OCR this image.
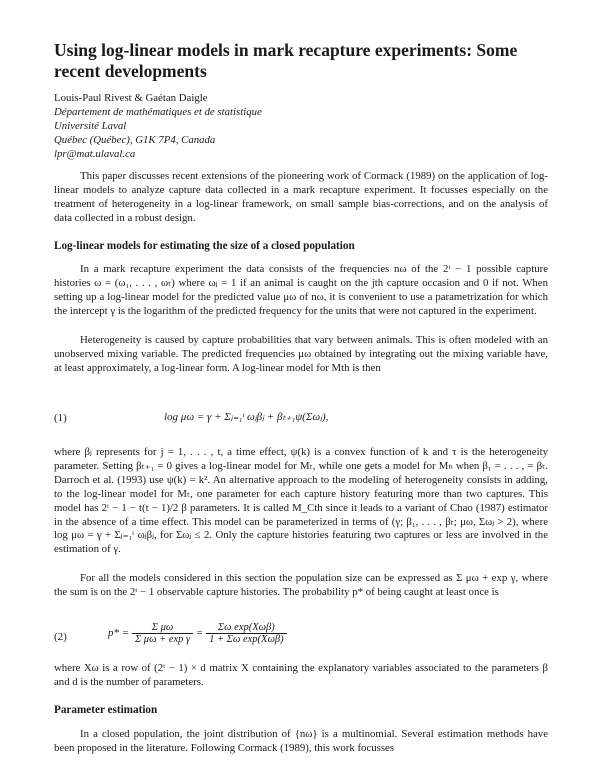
Using log-linear models in mark recapture experiments: Some recent developments
Louis-Paul Rivest & Gaétan Daigle
Département de mathématiques et de statistique
Université Laval
Québec (Québec), G1K 7P4, Canada
lpr@mat.ulaval.ca
This paper discusses recent extensions of the pioneering work of Cormack (1989) on the application of log-linear models to analyze capture data collected in a mark recapture experiment. It focusses especially on the treatment of heterogeneity in a log-linear framework, on small sample bias-corrections, and on the analysis of data collected in a robust design.
Log-linear models for estimating the size of a closed population
In a mark recapture experiment the data consists of the frequencies nω of the 2ᵗ − 1 possible capture histories ω = (ω₁, . . . , ωₜ) where ωⱼ = 1 if an animal is caught on the jth capture occasion and 0 if not. When setting up a log-linear model for the predicted value μω of nω, it is convenient to use a parametrization for which the intercept γ is the logarithm of the predicted frequency for the units that were not captured in the experiment.
Heterogeneity is caused by capture probabilities that vary between animals. This is often modeled with an unobserved mixing variable. The predicted frequencies μω obtained by integrating out the mixing variable have, at least approximately, a log-linear form. A log-linear model for Mth is then
(1)	log μω = γ + Σⱼ₌₁ᵗ ωⱼβⱼ + βₜ₊₁ψ(Σωⱼ),
where βⱼ represents for j = 1, . . . , t, a time effect, ψ(k) is a convex function of k and τ is the heterogeneity parameter. Setting βₜ₊₁ = 0 gives a log-linear model for Mₜ, while one gets a model for Mₕ when β₁ = . . . , = βₜ. Darroch et al. (1993) use ψ(k) = k². An alternative approach to the modeling of heterogeneity consists in adding, to the log-linear model for Mₜ, one parameter for each capture history featuring more than two captures. This model has 2ᵗ − 1 − t(t − 1)/2 β parameters. It is called M_Cth since it leads to a variant of Chao (1987) estimator in the absence of a time effect. This model can be parameterized in terms of (γ; β₁, . . . , βₜ; μω, Σωⱼ > 2), where log μω = γ + Σⱼ₌₁ᵗ ωⱼβⱼ, for Σωⱼ ≤ 2. Only the capture histories featuring two captures or less are involved in the estimation of γ.
For all the models considered in this section the population size can be expressed as Σ μω + exp γ, where the sum is on the 2ᵗ − 1 observable capture histories. The probability p* of being caught at least once is
(2)	$p* = \frac{\text{Σ μω}}{\text{Σ μω + exp γ}} = \frac{\text{Σω exp(Xωβ)}}{\text{1 + Σω exp(Xωβ)}}$
where Xω is a row of (2ᵗ − 1) × d matrix X containing the explanatory variables associated to the parameters β and d is the number of parameters.
Parameter estimation
In a closed population, the joint distribution of {nω} is a multinomial. Several estimation methods have been proposed in the literature. Following Cormack (1989), this work focusses
